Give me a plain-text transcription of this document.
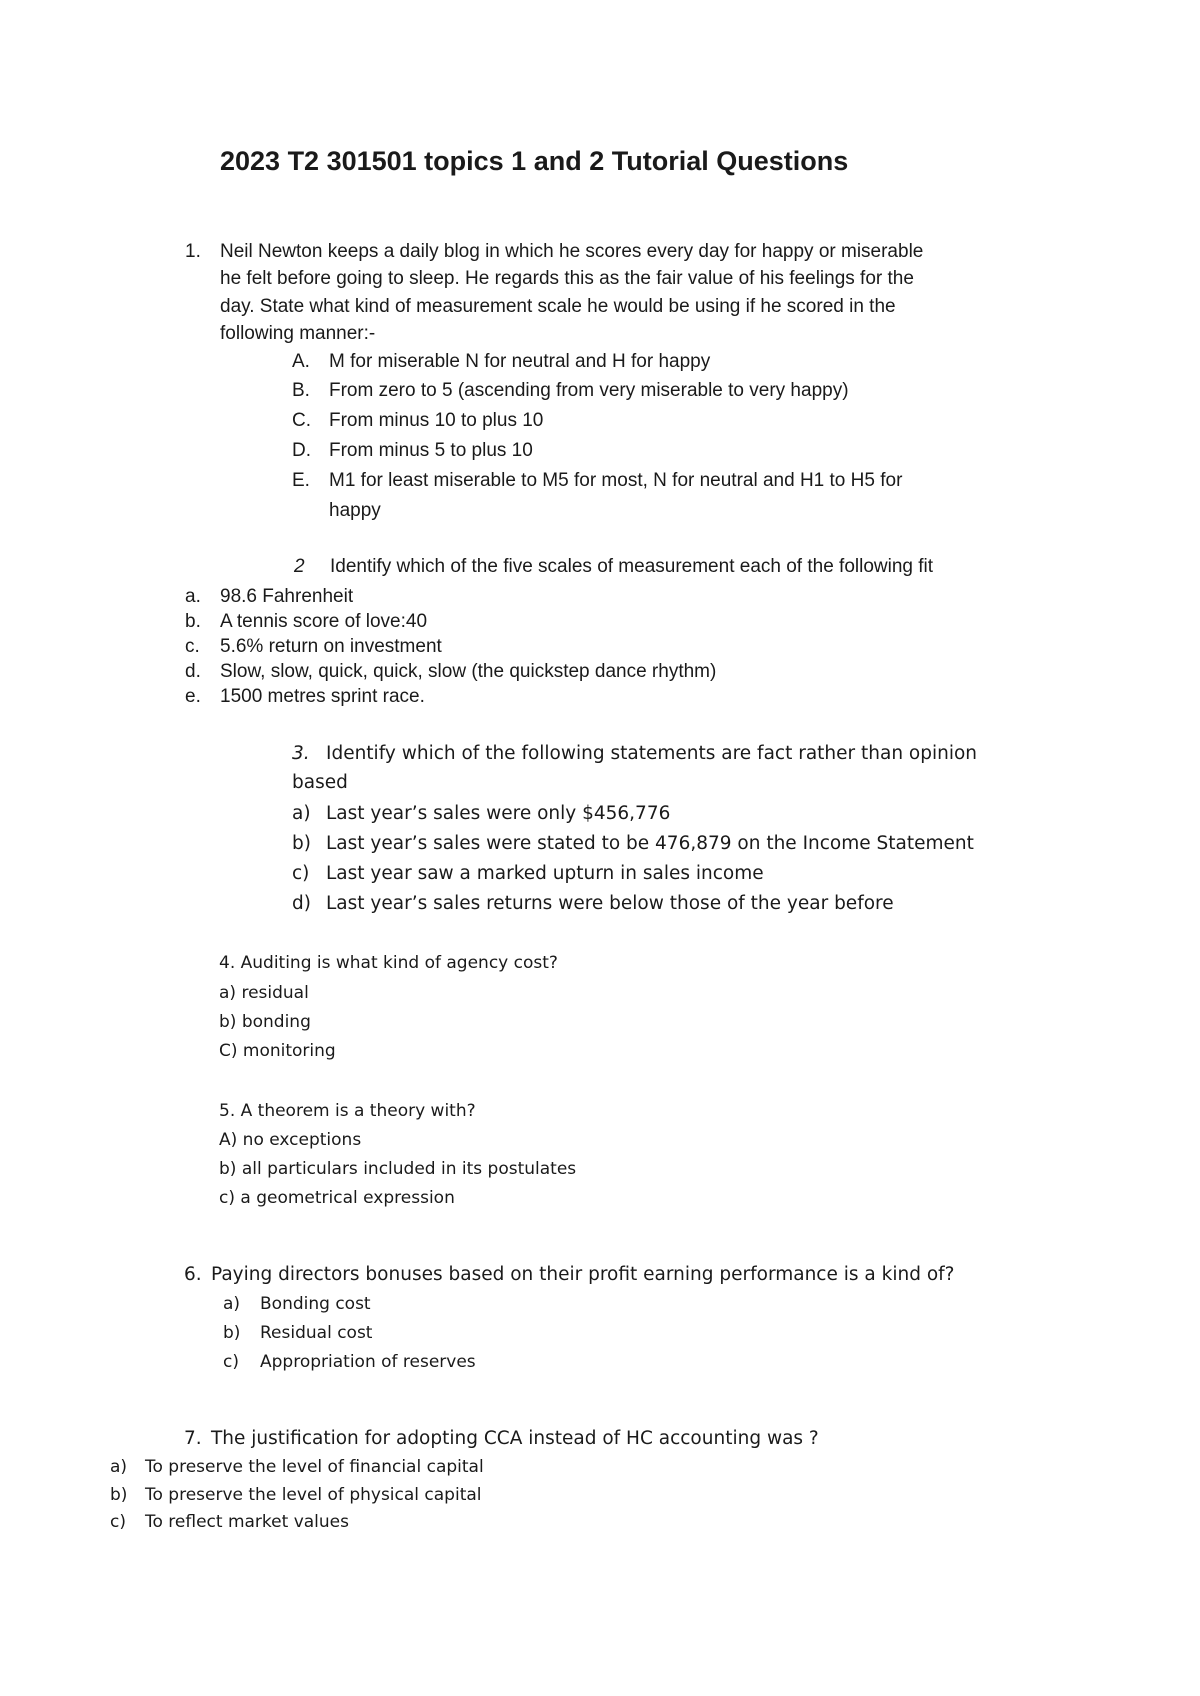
2023 T2 301501 topics 1 and 2 Tutorial Questions
1. Neil Newton keeps a daily blog in which he scores every day for happy or miserable
he felt before going to sleep. He regards this as the fair value of his feelings for the
day. State what kind of measurement scale he would be using if he scored in the
following manner:-
A. M for miserable N for neutral and H for happy
B. From zero to 5 (ascending from very miserable to very happy)
C. From minus 10 to plus 10
D. From minus 5 to plus 10
E. M1 for least miserable to M5 for most, N for neutral and H1 to H5 for
happy
2 Identify which of the five scales of measurement each of the following fit
a. 98.6 Fahrenheit
b. A tennis score of love:40
c. 5.6% return on investment
d. Slow, slow, quick, quick, slow (the quickstep dance rhythm)
e. 1500 metres sprint race.
3. Identify which of the following statements are fact rather than opinion
based
a) Last year’s sales were only $456,776
b) Last year’s sales were stated to be 476,879 on the Income Statement
c) Last year saw a marked upturn in sales income
d) Last year’s sales returns were below those of the year before
4. Auditing is what kind of agency cost?
a) residual
b) bonding
C) monitoring
5. A theorem is a theory with?
A) no exceptions
b) all particulars included in its postulates
c) a geometrical expression
6. Paying directors bonuses based on their profit earning performance is a kind of?
a) Bonding cost
b) Residual cost
c) Appropriation of reserves
7. The justification for adopting CCA instead of HC accounting was ?
a) To preserve the level of financial capital
b) To preserve the level of physical capital
c) To reflect market values
